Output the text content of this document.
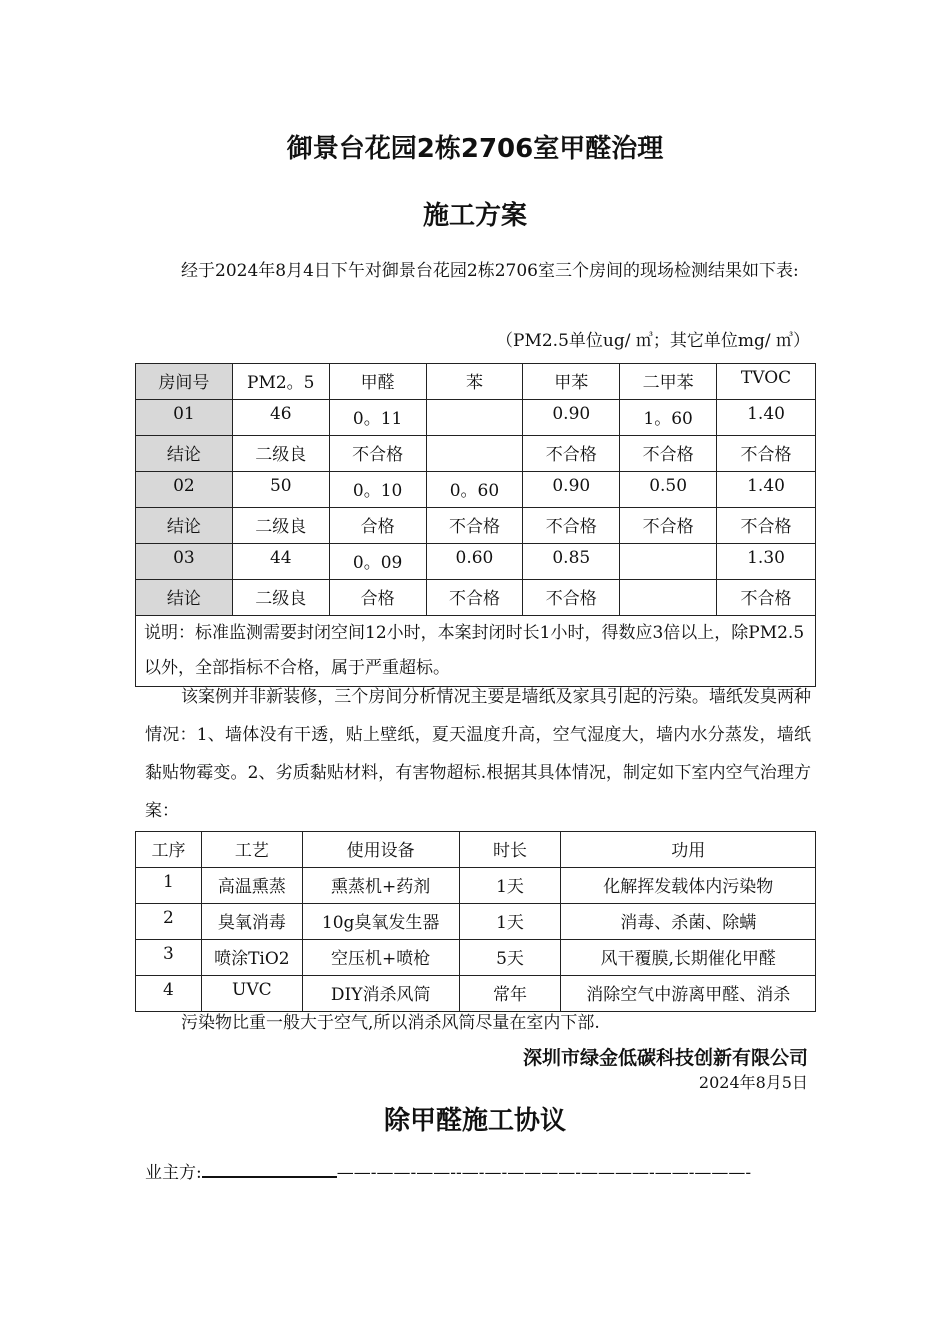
御景台花园2栋2706室甲醛治理
施工方案
经于2024年8月4日下午对御景台花园2栋2706室三个房间的现场检测结果如下表:
（PM2.5单位ug/ ㎥；其它单位mg/ ㎥）
房间号	PM2。5	甲醛	苯	甲苯	二甲苯	TVOC
01	46	0。11		0.90	1。60	1.40
结论	二级良	不合格		不合格	不合格	不合格
02	50	0。10	0。60	0.90	0.50	1.40
结论	二级良	合格	不合格	不合格	不合格	不合格
03	44	0。09	0.60	0.85		1.30
结论	二级良	合格	不合格	不合格		不合格
说明：标准监测需要封闭空间12小时，本案封闭时长1小时，得数应3倍以上，除PM2.5以外，全部指标不合格，属于严重超标。						
该案例并非新装修，三个房间分析情况主要是墙纸及家具引起的污染。墙纸发臭两种情况：1、墙体没有干透，贴上壁纸，夏天温度升高，空气湿度大，墙内水分蒸发，墙纸黏贴物霉变。2、劣质黏贴材料，有害物超标.根据其具体情况，制定如下室内空气治理方案：
工序	工艺	使用设备	时长	功用
1	高温熏蒸	熏蒸机+药剂	1天	化解挥发载体内污染物
2	臭氧消毒	10g臭氧发生器	1天	消毒、杀菌、除螨
3	喷涂TiO2	空压机+喷枪	5天	风干覆膜,长期催化甲醛
4	UVC	DIY消杀风筒	常年	消除空气中游离甲醛、消杀
污染物比重一般大于空气,所以消杀风筒尽量在室内下部.
深圳市绿金低碳科技创新有限公司
2024年8月5日
除甲醛施工协议
业主方:	——-——-——--—-—-————-————-——-———-
